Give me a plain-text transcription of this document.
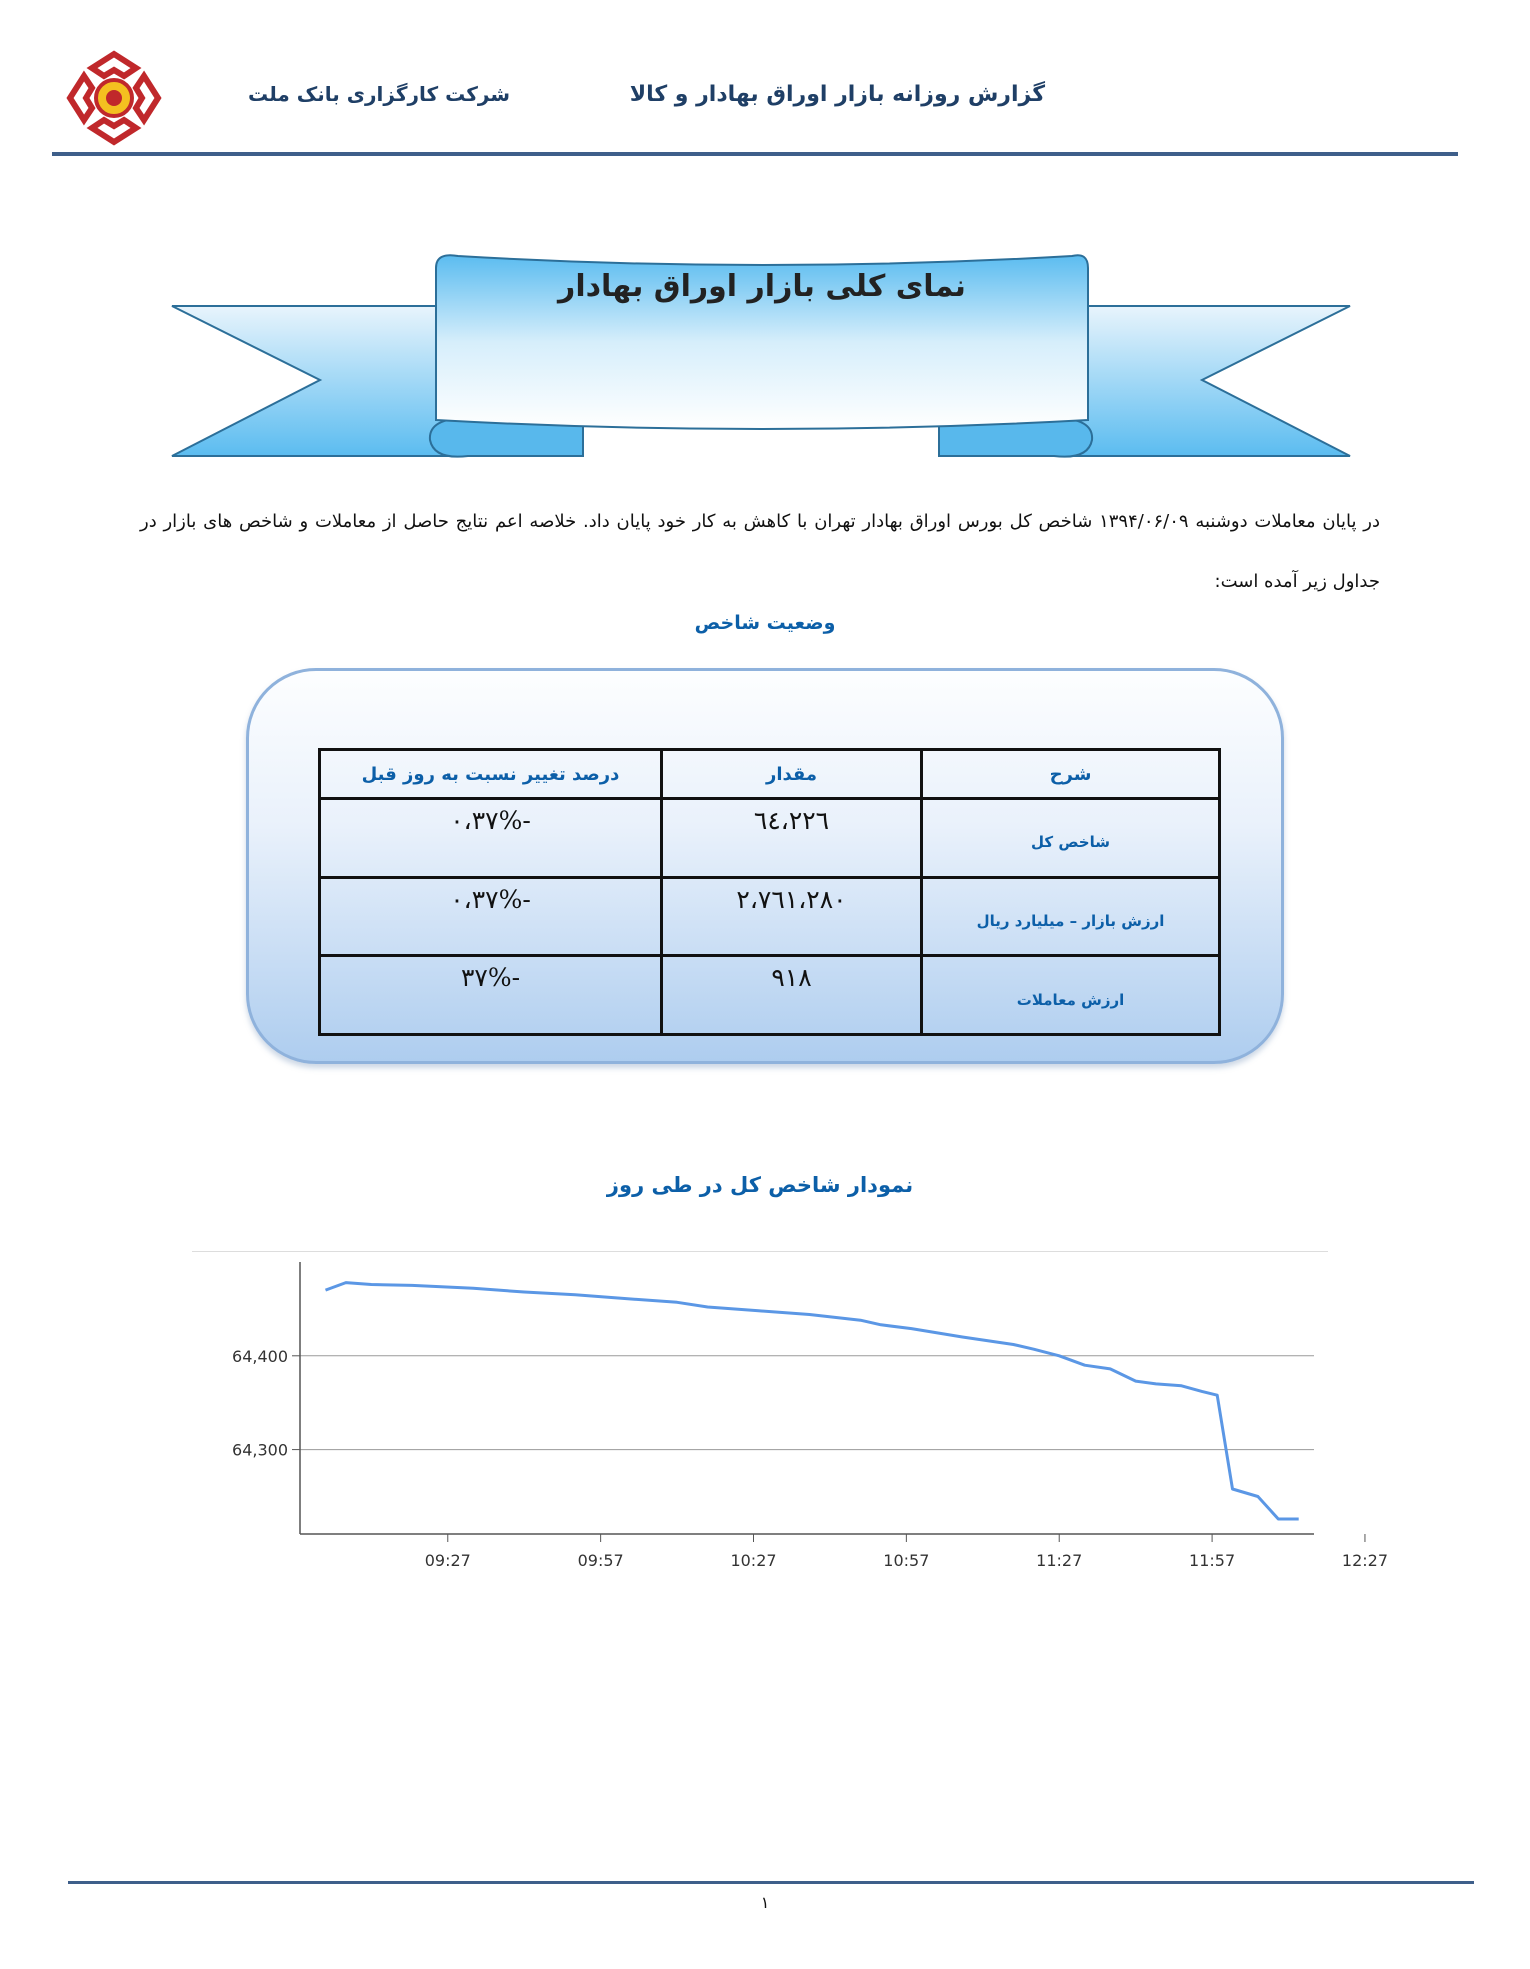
شرکت کارگزاری بانک ملت	گزارش روزانه بازار اوراق بهادار و کالا
نمای کلی بازار اوراق بهادار
در پایان معاملات دوشنبه ۱۳۹۴/۰۶/۰۹ شاخص کل بورس اوراق بهادار تهران با کاهش به کار خود پایان داد. خلاصه اعم نتایج حاصل از معاملات و شاخص های بازار در جداول زیر آمده است:
وضعیت شاخص
شرح	مقدار	درصد تغییر نسبت به روز قبل
شاخص کل	٦٤،٢٢٦	-%٠،٣٧
ارزش بازار – میلیارد ریال	٢،٧٦١،٢٨٠	-%٠،٣٧
ارزش معاملات	٩١٨	-%٣٧
نمودار شاخص کل در طی روز
64,300
64,400
09:27	09:57	10:27	10:57	11:27	11:57	12:27
١
